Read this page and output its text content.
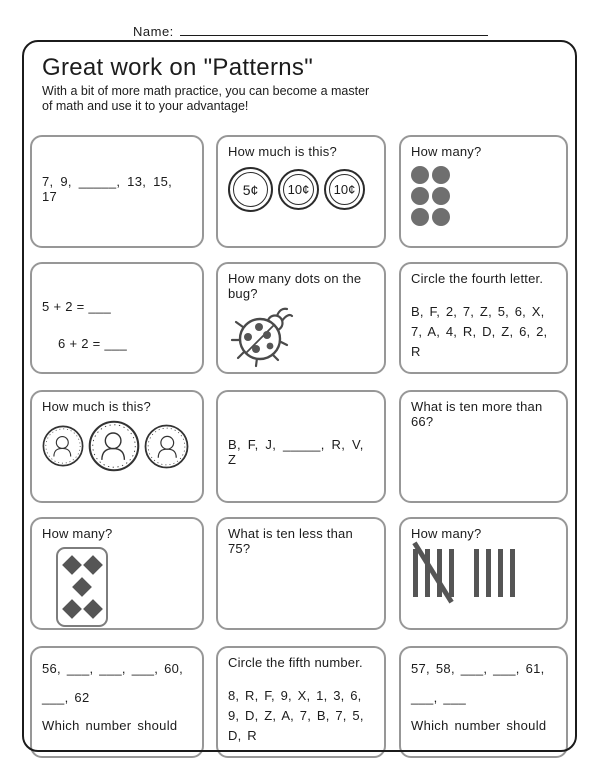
Name:
Great work on "Patterns"
With a bit of more math practice, you can become a master
of math and use it to your advantage!
7, 9, _____, 13, 15, 17
How much is this?
5¢	10¢	10¢
How many?
5 + 2 = ___
6 + 2 = ___
How many dots on the bug?
Circle the fourth letter.
B, F, 2, 7, Z, 5, 6, X, 7, A, 4, R, D, Z, 6, 2, R
How much is this?
B, F, J, _____, R, V, Z
What is ten more than 66?
How many?	What is ten less than 75?
How many?
56, ___, ___, ___, 60,
___, 62
Which number should
Circle the fifth number.
8, R, F, 9, X, 1, 3, 6, 9, D, Z, A, 7, B, 7, 5, D, R
57, 58, ___, ___, 61,
___, ___
Which number should
